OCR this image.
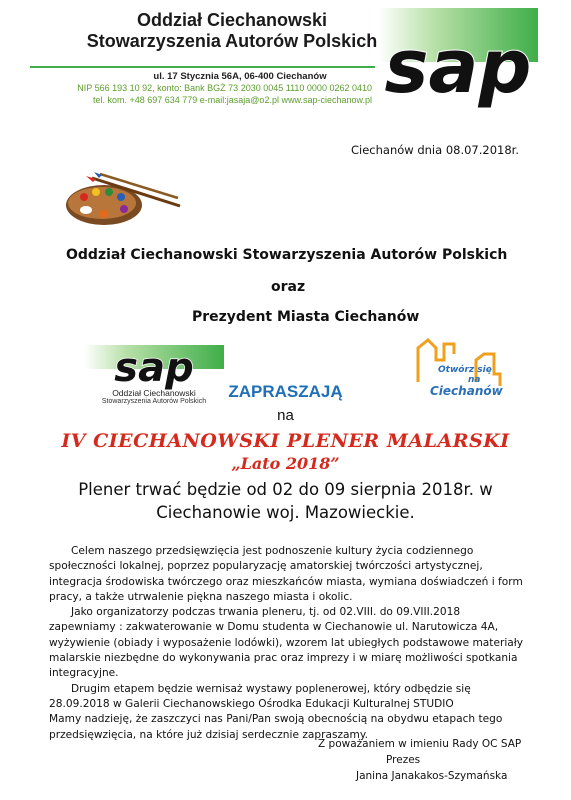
Oddział Ciechanowski
Stowarzyszenia Autorów Polskich
ul. 17 Stycznia 56A, 06-400 Ciechanów
NIP 566 193 10 92, konto: Bank BGŻ 73 2030 0045 1110 0000 0262 0410
tel. kom. +48 697 634 779 e-mail:jasaja@o2.pl www.sap-ciechanow.pl sap
Ciechanów dnia 08.07.2018r.
Oddział Ciechanowski Stowarzyszenia Autorów Polskich
oraz
Prezydent Miasta Ciechanów
sap
Oddział Ciechanowski
Stowarzyszenia Autorów Polskich
Otwórz się
na
Ciechanów
ZAPRASZAJĄ
na
IV CIECHANOWSKI PLENER MALARSKI
„Lato 2018”
Plener trwać będzie od 02 do 09 sierpnia 2018r. w
Ciechanowie woj. Mazowieckie.

Celem naszego przedsięwzięcia jest podnoszenie kultury życia codziennego społeczności lokalnej, poprzez popularyzację amatorskiej twórczości artystycznej, integracja środowiska twórczego oraz mieszkańców miasta, wymiana doświadczeń i form pracy, a także utrwalenie piękna naszego miasta i okolic.

Jako organizatorzy podczas trwania pleneru, tj. od 02.VIII. do 09.VIII.2018 zapewniamy : zakwaterowanie w Domu studenta w Ciechanowie ul. Narutowicza 4A, wyżywienie (obiady i wyposażenie lodówki), wzorem lat ubiegłych podstawowe materiały malarskie niezbędne do wykonywania prac oraz imprezy i w miarę możliwości spotkania integracyjne.

Drugim etapem będzie wernisaż wystawy poplenerowej, który odbędzie się 28.09.2018 w Galerii Ciechanowskiego Ośrodka Edukacji Kulturalnej STUDIO

Mamy nadzieję, że zaszczyci nas Pani/Pan swoją obecnością na obydwu etapach tego przedsięwzięcia, na które już dzisiaj serdecznie zapraszamy.

Z poważaniem w imieniu Rady OC SAP
Prezes
Janina Janakakos-Szymańska
